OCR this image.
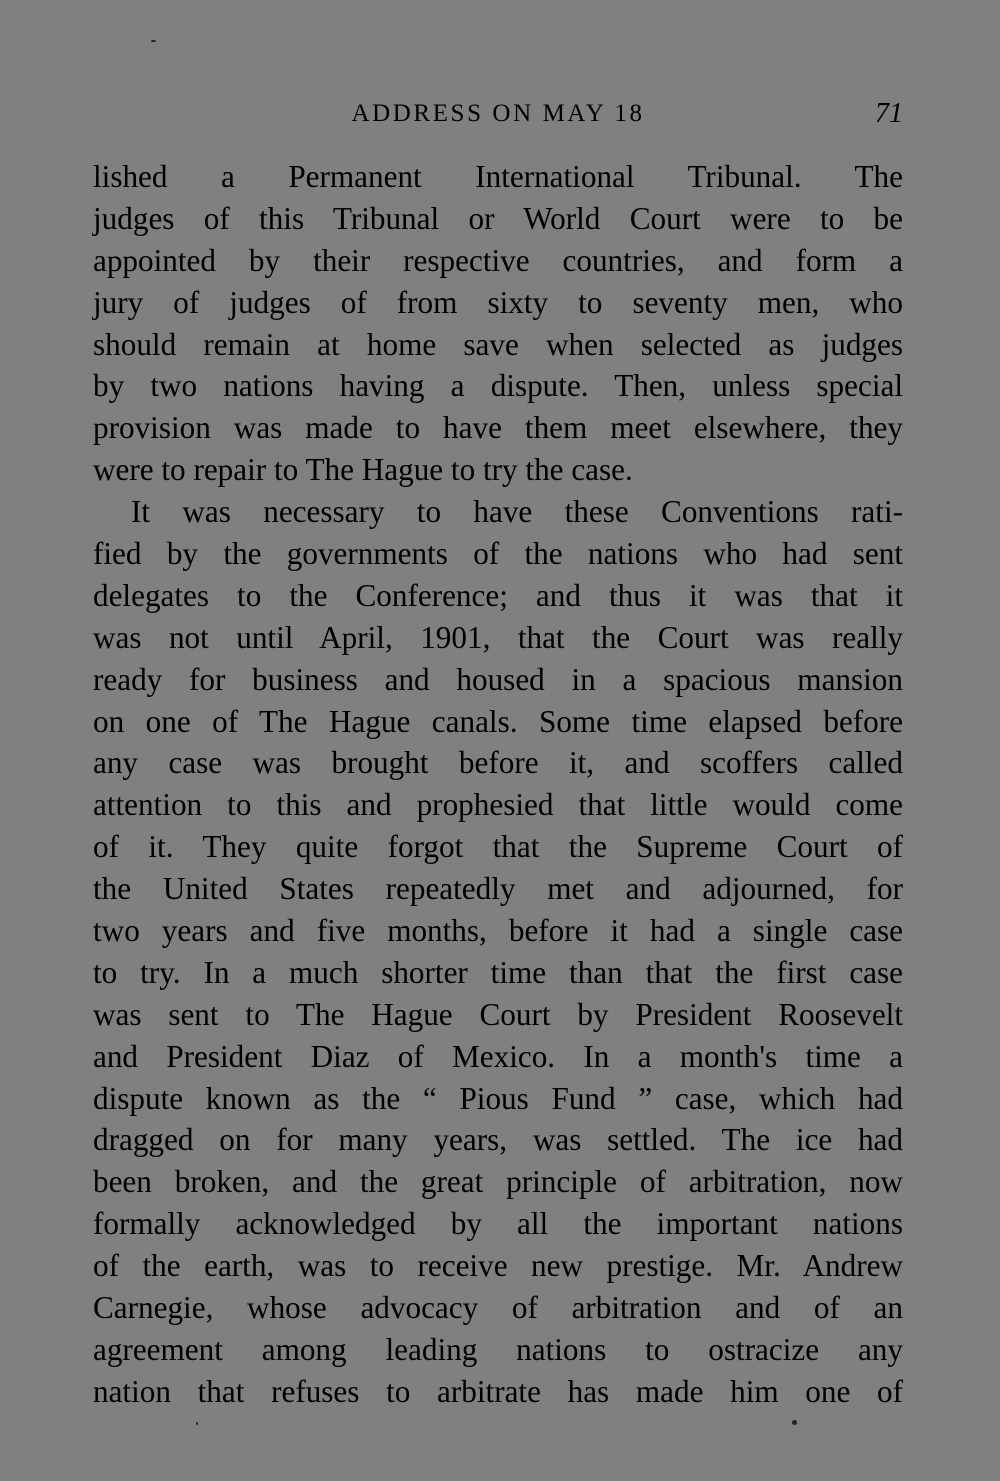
ADDRESS ON MAY 18	71
lished a Permanent International Tribunal. The
judges of this Tribunal or World Court were to be
appointed by their respective countries, and form a
jury of judges of from sixty to seventy men, who
should remain at home save when selected as judges
by two nations having a dispute. Then, unless special
provision was made to have them meet elsewhere, they
were to repair to The Hague to try the case.
It was necessary to have these Conventions rati-
fied by the governments of the nations who had sent
delegates to the Conference; and thus it was that it
was not until April, 1901, that the Court was really
ready for business and housed in a spacious mansion
on one of The Hague canals. Some time elapsed before
any case was brought before it, and scoffers called
attention to this and prophesied that little would come
of it. They quite forgot that the Supreme Court of
the United States repeatedly met and adjourned, for
two years and five months, before it had a single case
to try. In a much shorter time than that the first case
was sent to The Hague Court by President Roosevelt
and President Diaz of Mexico. In a month's time a
dispute known as the “ Pious Fund ” case, which had
dragged on for many years, was settled. The ice had
been broken, and the great principle of arbitration, now
formally acknowledged by all the important nations
of the earth, was to receive new prestige. Mr. Andrew
Carnegie, whose advocacy of arbitration and of an
agreement among leading nations to ostracize any
nation that refuses to arbitrate has made him one of
